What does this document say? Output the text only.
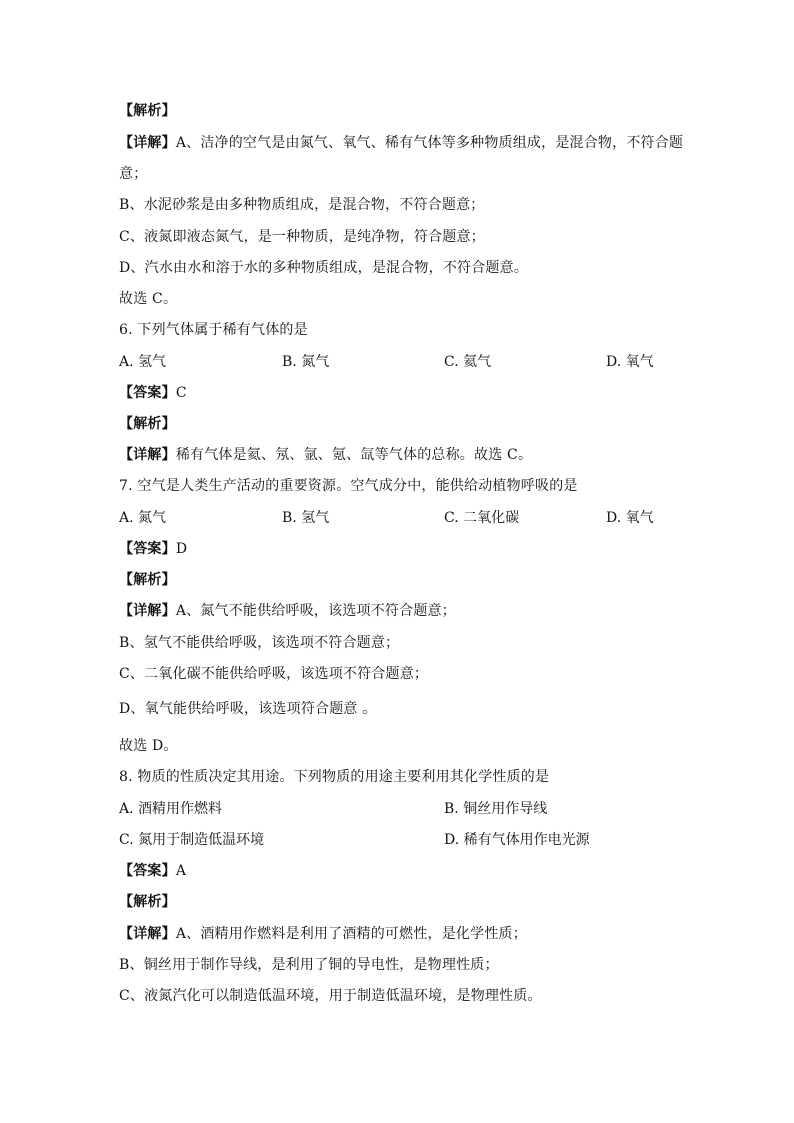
【解析】
【详解】A、洁净的空气是由氮气、氧气、稀有气体等多种物质组成，是混合物，不符合题
意；
B、水泥砂浆是由多种物质组成，是混合物，不符合题意；
C、液氮即液态氮气，是一种物质，是纯净物，符合题意；
D、汽水由水和溶于水的多种物质组成，是混合物，不符合题意。
故选 C。
6. 下列气体属于稀有气体的是
A. 氢气	B. 氮气	C. 氦气	D. 氧气
【答案】C
【解析】
【详解】稀有气体是氦、氖、氩、氪、氙等气体的总称。故选 C。
7. 空气是人类生产活动的重要资源。空气成分中，能供给动植物呼吸的是
A. 氮气	B. 氢气	C. 二氧化碳	D. 氧气
【答案】D
【解析】
【详解】A、氮气不能供给呼吸，该选项不符合题意；
B、氢气不能供给呼吸，该选项不符合题意；
C、二氧化碳不能供给呼吸，该选项不符合题意；
D、氧气能供给呼吸，该选项符合题意 。
故选 D。
8. 物质的性质决定其用途。下列物质的用途主要利用其化学性质的是
A. 酒精用作燃料	B. 铜丝用作导线
C. 氮用于制造低温环境	D. 稀有气体用作电光源
【答案】A
【解析】
【详解】A、酒精用作燃料是利用了酒精的可燃性，是化学性质；
B、铜丝用于制作导线，是利用了铜的导电性，是物理性质；
C、液氮汽化可以制造低温环境，用于制造低温环境，是物理性质。
